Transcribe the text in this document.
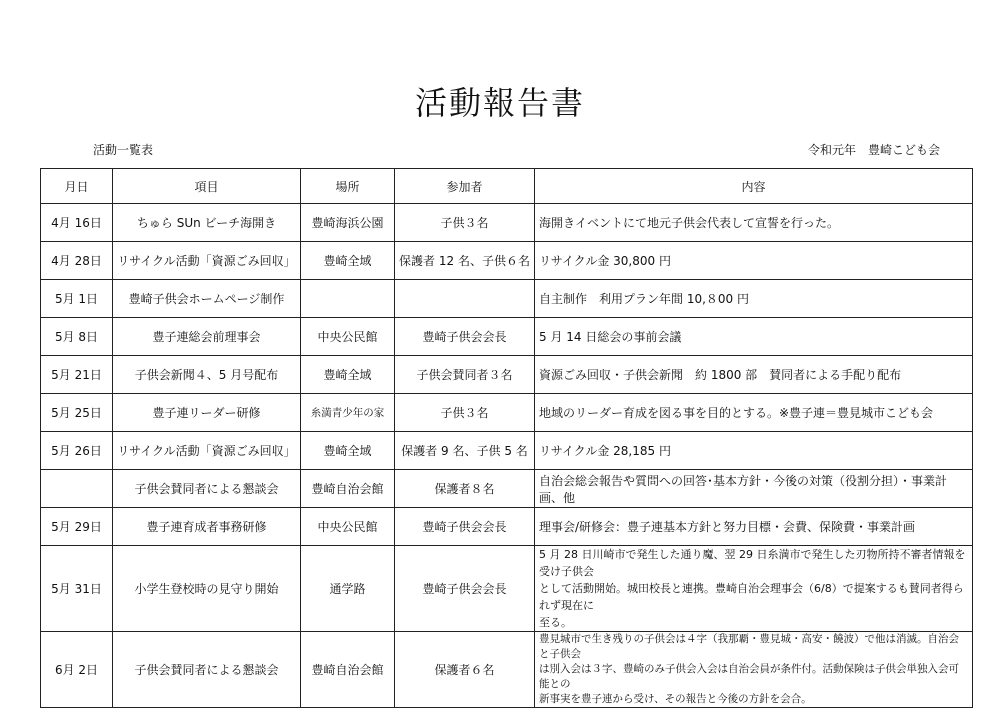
活動報告書
活動一覧表	令和元年　豊崎こども会
月日	項目	場所	参加者	内容
4月 16日	ちゅら SUn ビーチ海開き	豊崎海浜公園	子供３名	海開きイベントにて地元子供会代表して宣誓を行った。
4月 28日	リサイクル活動「資源ごみ回収」	豊崎全域	保護者 12 名、子供６名	リサイクル金 30,800 円
5月 1日	豊崎子供会ホームページ制作			自主制作　利用プラン年間 10,８00 円
5月 8日	豊子連総会前理事会	中央公民館	豊崎子供会会長	5 月 14 日総会の事前会議
5月 21日	子供会新聞４、5 月号配布	豊崎全域	子供会賛同者３名	資源ごみ回収・子供会新聞　約 1800 部　賛同者による手配り配布
5月 25日	豊子連リーダー研修	糸満青少年の家	子供３名	地域のリーダー育成を図る事を目的とする。※豊子連＝豊見城市こども会
5月 26日	リサイクル活動「資源ごみ回収」	豊崎全域	保護者 9 名、子供 5 名	リサイクル金 28,185 円
	子供会賛同者による懇談会	豊崎自治会館	保護者８名	自治会総会報告や質問への回答･基本方針・今後の対策（役割分担）・事業計画、他
5月 29日	豊子連育成者事務研修	中央公民館	豊崎子供会会長	理事会/研修会：豊子連基本方針と努力目標・会費、保険費・事業計画
5月 31日	小学生登校時の見守り開始	通学路	豊崎子供会会長	5 月 28 日川崎市で発生した通り魔、翌 29 日糸満市で発生した刃物所持不審者情報を受け子供会
として活動開始。城田校長と連携。豊崎自治会理事会（6/8）で提案するも賛同者得られず現在に
至る。

6月 2日	子供会賛同者による懇談会	豊崎自治会館	保護者６名	豊見城市で生き残りの子供会は４字（我那覇・豊見城・高安・饒波）で他は消滅。自治会と子供会
は別入会は３字、豊崎のみ子供会入会は自治会員が条件付。活動保険は子供会単独入会可能との
新事実を豊子連から受け、その報告と今後の方針を会合。
